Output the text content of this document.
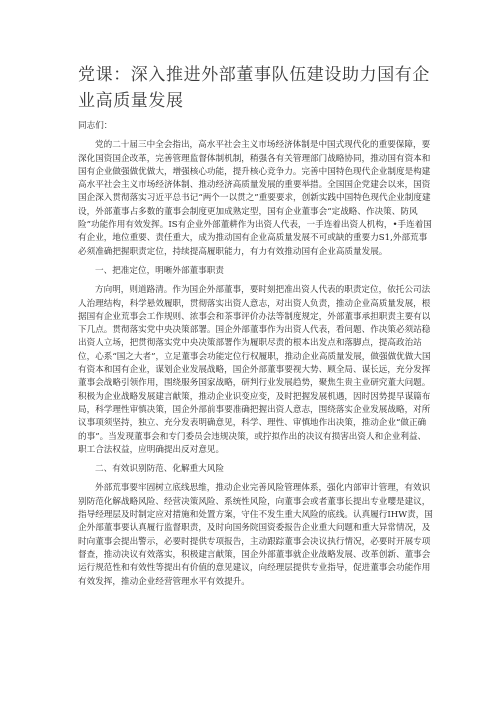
党课：深入推进外部董事队伍建设助力国有企业高质量发展

同志们：

党的二十届三中全会指出，高水平社会主义市场经济体制是中国式现代化的重要保障，要深化国资国企改革，完善管理监督体制机制，稍强各有关管理部门战略协同，推动国有资本和国有企业做强做优做大，增强核心功能，提升核心竞争力。完善中国特色现代企业制度是构建高水平社会主义市场经济体制、推动经济高质量发展的重要举措。全国国企党建会以来，国资国企深入贯彻落实习近平总书记“两个一以贯之”重要要求，创新实践中国特色现代企业制度建设，外部董事占多数的董事会制度更加成熟定型，国有企业董事会“定战略、作决策、防风险”功能作用有效发挥。IS有企业外部董耕作为出资人代表，一手连着出资人机构，•手连着国有企业，地位重要、责任重大，成为推动国有企业高质量发展不可或缺的重要力S1,外部荒事必须准确把握职责定位，持续提高履职能力，有力有效推动国有企业高质量发展。

一、把准定位，明晰外部董事职责

方向明，则道路清。作为国企外部董事，要时刻把准出资人代表的职责定位，依托公司法人治理结构，科学悬效履职，贯彻落实出资人意志，对出资人负责，推动企业高质量发展，根据国有企业荒事会工作规则、浓事会和茶事评价办法等制度规定，外部董事承担职责主要有以下几点。贯彻落实党中央决策部署。国企外部董事作为出资人代表，看问题、作决策必须站稳出资人立场，把贯彻落实党中央决策部署作为履职尽责的根本出发点和落脚点，提高政治站位，心系“国之大者”，立足董事会功能定位行权履职，推动企业高质量发展，做强做优做大国有资本和国有企业，谋划企业发展战略，国企外部董事要视大势、顾全局、谋长远，充分发挥董事会战略引领作用，围绕服务国家战略，研判行业发展趋势，聚焦生贵主业研究董大问题。积极为企业战略发展建言献策，推动企业识变应变，及时把握发展机遇，因时因势提早谋篇布局，科学理性审慎决策，国企外部前事要准确把握出资人意志，围绕落实企业发展战略，对所议事项须坚持，独立、充分发表明确意见，科学、理性、审慎地作出决策，推动企业“做正确的事”。当发现董事会和专门委员会违规决策，或拧拟作出的决议有损害出资人和企业利益、职工合法权益，应明确提出反对意见。

二、有效识别防范、化解重大风险

外部荒事要牢固树立底线思维，推动企业完善风险管理体系，强化内部审计管理，有效识别防范化解战略风险、经营决策风险、系统性风险，向董事会或者董事长提出专业嘤是建议，指导经理层及时制定应对措施和处置方案，守住不发生重大风险的底线。认真履行IHW责，国企外部董事要认真履行监督职责，及时向国务院国资委报告企业重大问题和重大异常情况，及时向董事会提出警示，必要时提供专项报告，主动跟踪董事会决议执行情况，必要时开展专项督查，推动决议有效落实，积极建言献策，国企外部董事就企业战略发展、改革创新、董事会运行规范性和有效性等提出有价值的意见建议，向经理层提供专业指导，促进董事会功能作用有效发挥，推动企业经营管理水平有效提升。
